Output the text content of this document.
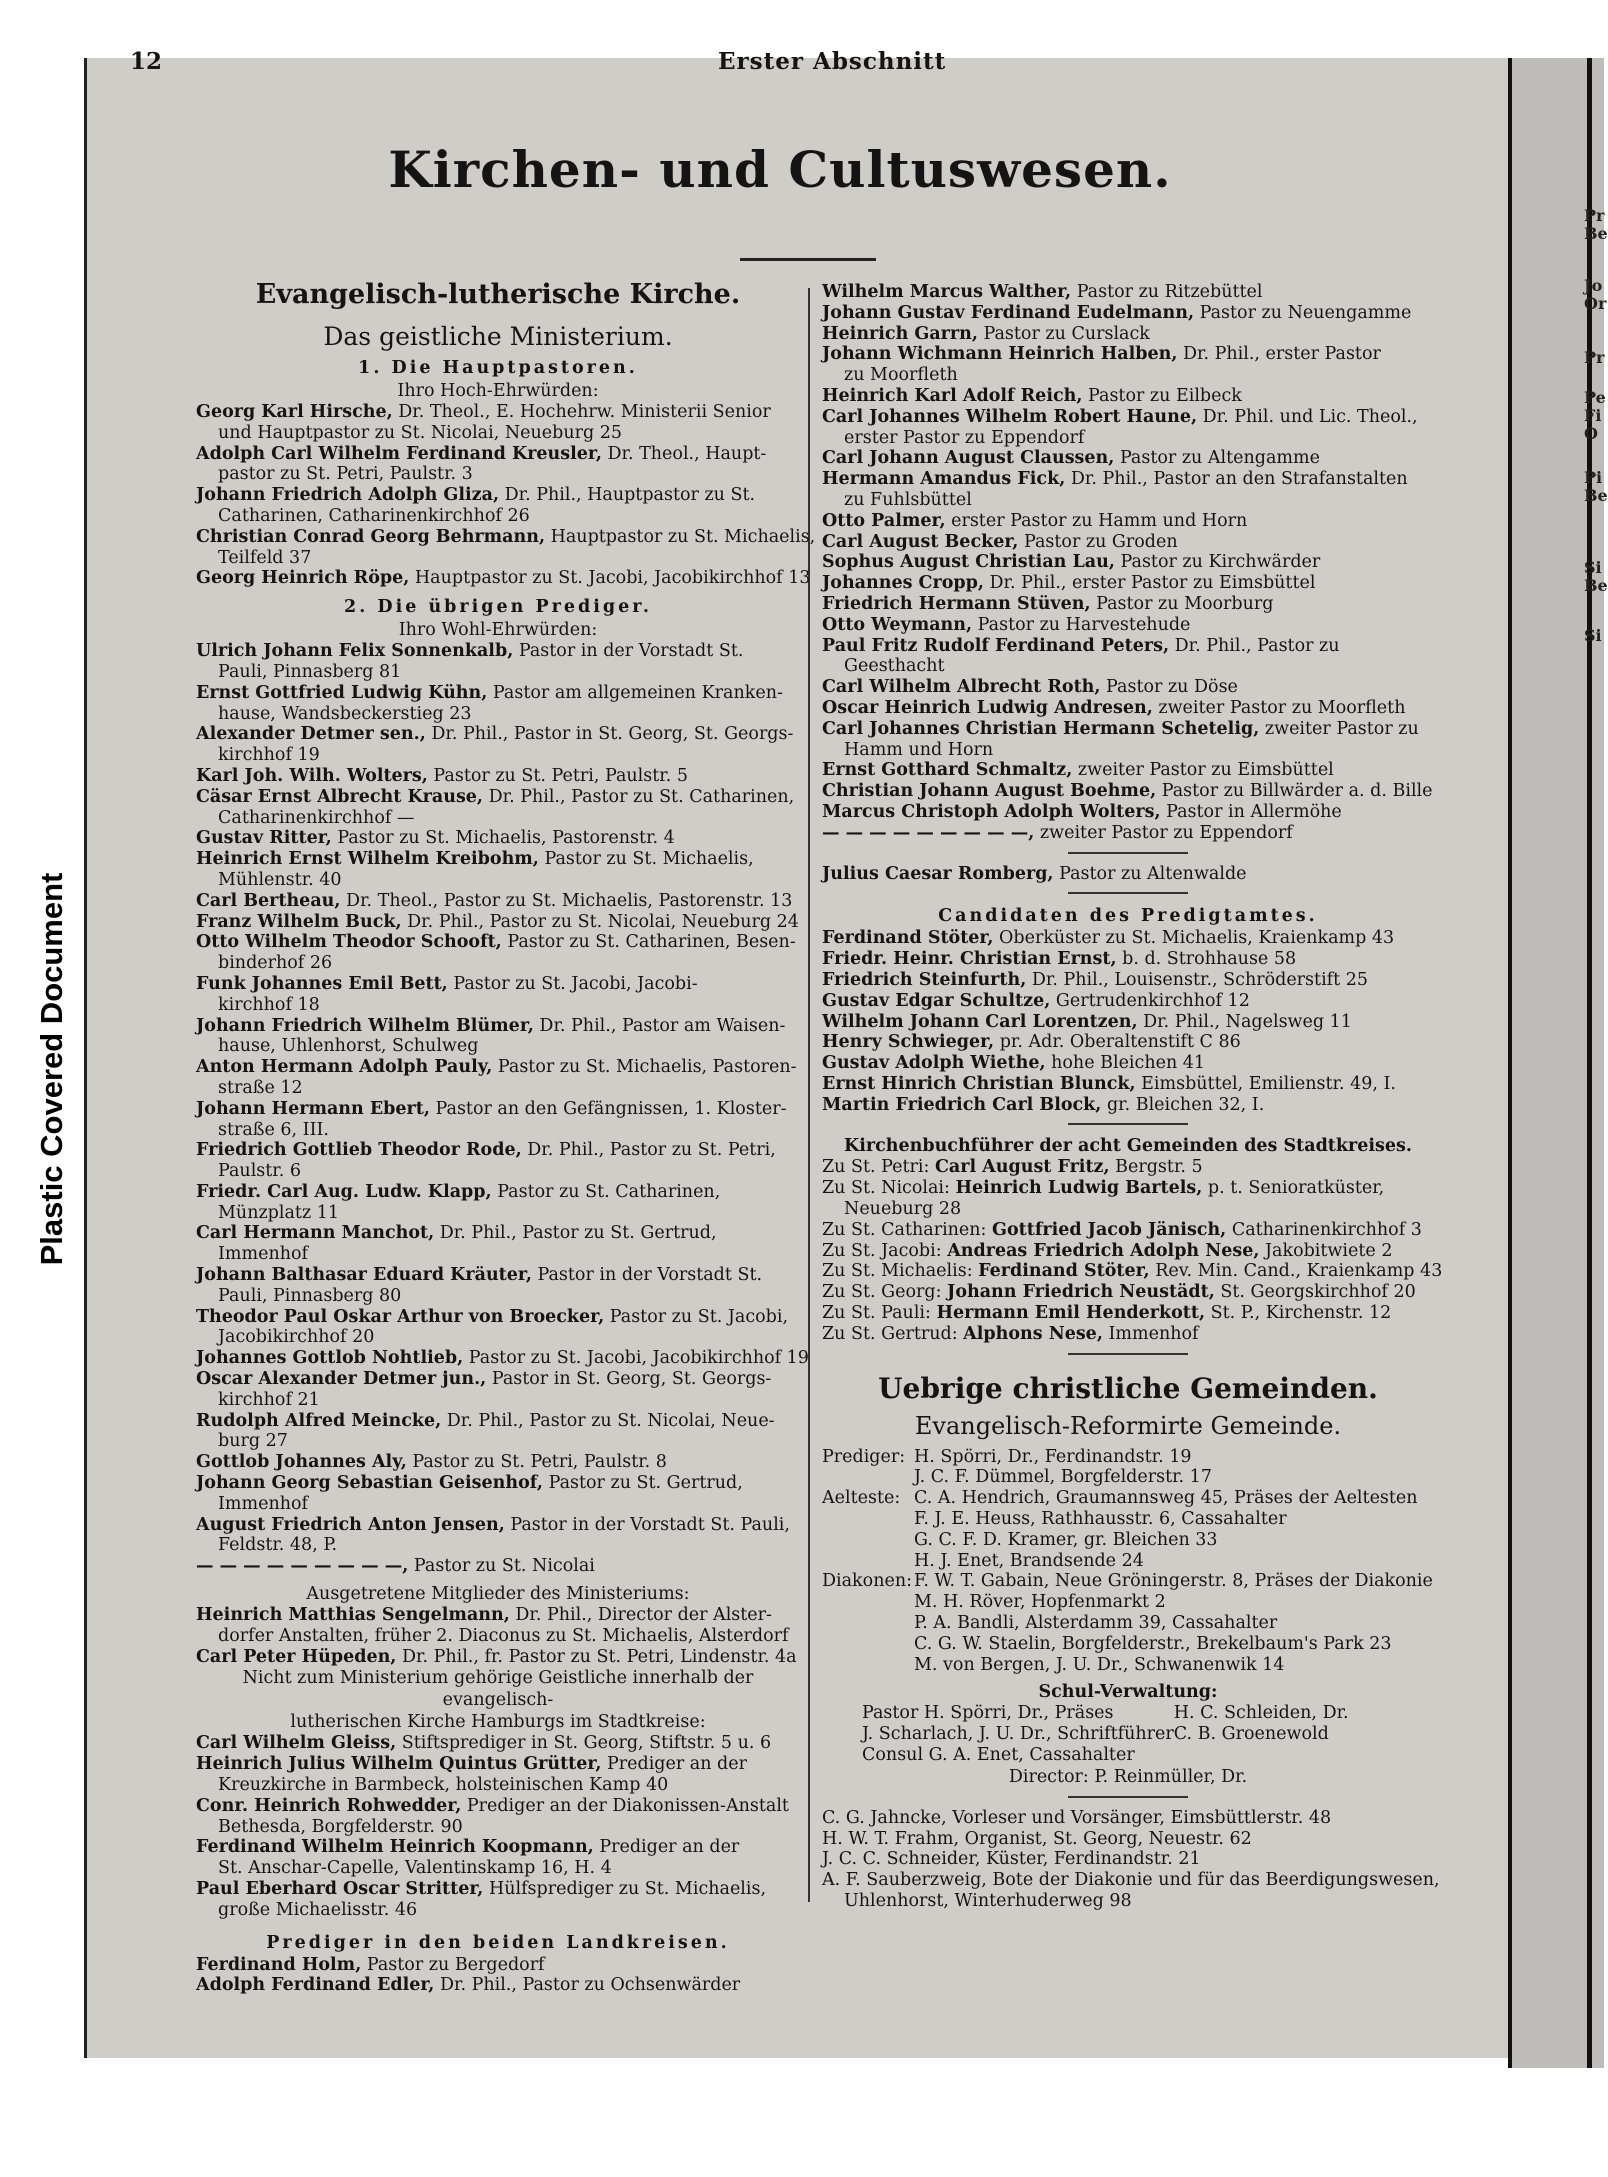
Plastic Covered Document
Pr
Be
Jo
Or
Pr
Pe
Fi
O
Pi
Be
Si
Be
Si
12	Erster Abschnitt
Kirchen- und Cultuswesen.
Evangelisch-lutherische Kirche.
Das geistliche Ministerium.
1. Die Hauptpastoren.
Ihro Hoch-Ehrwürden:
Georg Karl Hirsche, Dr. Theol., E. Hochehrw. Ministerii Senior
und Hauptpastor zu St. Nicolai, Neueburg 25
Adolph Carl Wilhelm Ferdinand Kreusler, Dr. Theol., Haupt-
pastor zu St. Petri, Paulstr. 3
Johann Friedrich Adolph Gliza, Dr. Phil., Hauptpastor zu St.
Catharinen, Catharinenkirchhof 26
Christian Conrad Georg Behrmann, Hauptpastor zu St. Michaelis,
Teilfeld 37
Georg Heinrich Röpe, Hauptpastor zu St. Jacobi, Jacobikirchhof 13
2. Die übrigen Prediger.
Ihro Wohl-Ehrwürden:
Ulrich Johann Felix Sonnenkalb, Pastor in der Vorstadt St.
Pauli, Pinnasberg 81
Ernst Gottfried Ludwig Kühn, Pastor am allgemeinen Kranken-
hause, Wandsbeckerstieg 23
Alexander Detmer sen., Dr. Phil., Pastor in St. Georg, St. Georgs-
kirchhof 19
Karl Joh. Wilh. Wolters, Pastor zu St. Petri, Paulstr. 5
Cäsar Ernst Albrecht Krause, Dr. Phil., Pastor zu St. Catharinen,
Catharinenkirchhof —
Gustav Ritter, Pastor zu St. Michaelis, Pastorenstr. 4
Heinrich Ernst Wilhelm Kreibohm, Pastor zu St. Michaelis,
Mühlenstr. 40
Carl Bertheau, Dr. Theol., Pastor zu St. Michaelis, Pastorenstr. 13
Franz Wilhelm Buck, Dr. Phil., Pastor zu St. Nicolai, Neueburg 24
Otto Wilhelm Theodor Schooft, Pastor zu St. Catharinen, Besen-
binderhof 26
Funk Johannes Emil Bett, Pastor zu St. Jacobi, Jacobi-
kirchhof 18
Johann Friedrich Wilhelm Blümer, Dr. Phil., Pastor am Waisen-
hause, Uhlenhorst, Schulweg
Anton Hermann Adolph Pauly, Pastor zu St. Michaelis, Pastoren-
straße 12
Johann Hermann Ebert, Pastor an den Gefängnissen, 1. Kloster-
straße 6, III.
Friedrich Gottlieb Theodor Rode, Dr. Phil., Pastor zu St. Petri,
Paulstr. 6
Friedr. Carl Aug. Ludw. Klapp, Pastor zu St. Catharinen,
Münzplatz 11
Carl Hermann Manchot, Dr. Phil., Pastor zu St. Gertrud,
Immenhof
Johann Balthasar Eduard Kräuter, Pastor in der Vorstadt St.
Pauli, Pinnasberg 80
Theodor Paul Oskar Arthur von Broecker, Pastor zu St. Jacobi,
Jacobikirchhof 20
Johannes Gottlob Nohtlieb, Pastor zu St. Jacobi, Jacobikirchhof 19
Oscar Alexander Detmer jun., Pastor in St. Georg, St. Georgs-
kirchhof 21
Rudolph Alfred Meincke, Dr. Phil., Pastor zu St. Nicolai, Neue-
burg 27
Gottlob Johannes Aly, Pastor zu St. Petri, Paulstr. 8
Johann Georg Sebastian Geisenhof, Pastor zu St. Gertrud,
Immenhof
August Friedrich Anton Jensen, Pastor in der Vorstadt St. Pauli,
Feldstr. 48, P.
— — — — — — — — —, Pastor zu St. Nicolai
Ausgetretene Mitglieder des Ministeriums:
Heinrich Matthias Sengelmann, Dr. Phil., Director der Alster-
dorfer Anstalten, früher 2. Diaconus zu St. Michaelis, Alsterdorf
Carl Peter Hüpeden, Dr. Phil., fr. Pastor zu St. Petri, Lindenstr. 4a
Nicht zum Ministerium gehörige Geistliche innerhalb der evangelisch-
lutherischen Kirche Hamburgs im Stadtkreise:
Carl Wilhelm Gleiss, Stiftsprediger in St. Georg, Stiftstr. 5 u. 6
Heinrich Julius Wilhelm Quintus Grütter, Prediger an der
Kreuzkirche in Barmbeck, holsteinischen Kamp 40
Conr. Heinrich Rohwedder, Prediger an der Diakonissen-Anstalt
Bethesda, Borgfelderstr. 90
Ferdinand Wilhelm Heinrich Koopmann, Prediger an der
St. Anschar-Capelle, Valentinskamp 16, H. 4
Paul Eberhard Oscar Stritter, Hülfsprediger zu St. Michaelis,
große Michaelisstr. 46
Prediger in den beiden Landkreisen.
Ferdinand Holm, Pastor zu Bergedorf
Adolph Ferdinand Edler, Dr. Phil., Pastor zu Ochsenwärder
Wilhelm Marcus Walther, Pastor zu Ritzebüttel
Johann Gustav Ferdinand Eudelmann, Pastor zu Neuengamme
Heinrich Garrn, Pastor zu Curslack
Johann Wichmann Heinrich Halben, Dr. Phil., erster Pastor
zu Moorfleth
Heinrich Karl Adolf Reich, Pastor zu Eilbeck
Carl Johannes Wilhelm Robert Haune, Dr. Phil. und Lic. Theol.,
erster Pastor zu Eppendorf
Carl Johann August Claussen, Pastor zu Altengamme
Hermann Amandus Fick, Dr. Phil., Pastor an den Strafanstalten
zu Fuhlsbüttel
Otto Palmer, erster Pastor zu Hamm und Horn
Carl August Becker, Pastor zu Groden
Sophus August Christian Lau, Pastor zu Kirchwärder
Johannes Cropp, Dr. Phil., erster Pastor zu Eimsbüttel
Friedrich Hermann Stüven, Pastor zu Moorburg
Otto Weymann, Pastor zu Harvestehude
Paul Fritz Rudolf Ferdinand Peters, Dr. Phil., Pastor zu
Geesthacht
Carl Wilhelm Albrecht Roth, Pastor zu Döse
Oscar Heinrich Ludwig Andresen, zweiter Pastor zu Moorfleth
Carl Johannes Christian Hermann Schetelig, zweiter Pastor zu
Hamm und Horn
Ernst Gotthard Schmaltz, zweiter Pastor zu Eimsbüttel
Christian Johann August Boehme, Pastor zu Billwärder a. d. Bille
Marcus Christoph Adolph Wolters, Pastor in Allermöhe
— — — — — — — — —, zweiter Pastor zu Eppendorf
Julius Caesar Romberg, Pastor zu Altenwalde
Candidaten des Predigtamtes.
Ferdinand Stöter, Oberküster zu St. Michaelis, Kraienkamp 43
Friedr. Heinr. Christian Ernst, b. d. Strohhause 58
Friedrich Steinfurth, Dr. Phil., Louisenstr., Schröderstift 25
Gustav Edgar Schultze, Gertrudenkirchhof 12
Wilhelm Johann Carl Lorentzen, Dr. Phil., Nagelsweg 11
Henry Schwieger, pr. Adr. Oberaltenstift C 86
Gustav Adolph Wiethe, hohe Bleichen 41
Ernst Hinrich Christian Blunck, Eimsbüttel, Emilienstr. 49, I.
Martin Friedrich Carl Block, gr. Bleichen 32, I.
Kirchenbuchführer der acht Gemeinden des Stadtkreises.
Zu St. Petri: Carl August Fritz, Bergstr. 5
Zu St. Nicolai: Heinrich Ludwig Bartels, p. t. Senioratküster,
Neueburg 28
Zu St. Catharinen: Gottfried Jacob Jänisch, Catharinenkirchhof 3
Zu St. Jacobi: Andreas Friedrich Adolph Nese, Jakobitwiete 2
Zu St. Michaelis: Ferdinand Stöter, Rev. Min. Cand., Kraienkamp 43
Zu St. Georg: Johann Friedrich Neustädt, St. Georgskirchhof 20
Zu St. Pauli: Hermann Emil Henderkott, St. P., Kirchenstr. 12
Zu St. Gertrud: Alphons Nese, Immenhof
Uebrige christliche Gemeinden.
Evangelisch-Reformirte Gemeinde.
Prediger: H. Spörri, Dr., Ferdinandstr. 19
J. C. F. Dümmel, Borgfelderstr. 17
Aelteste: C. A. Hendrich, Graumannsweg 45, Präses der Aeltesten
F. J. E. Heuss, Rathhausstr. 6, Cassahalter
G. C. F. D. Kramer, gr. Bleichen 33
H. J. Enet, Brandsende 24
Diakonen: F. W. T. Gabain, Neue Gröningerstr. 8, Präses der Diakonie
M. H. Röver, Hopfenmarkt 2
P. A. Bandli, Alsterdamm 39, Cassahalter
C. G. W. Staelin, Borgfelderstr., Brekelbaum's Park 23
M. von Bergen, J. U. Dr., Schwanenwik 14
Schul-Verwaltung:
Pastor H. Spörri, Dr., Präses
J. Scharlach, J. U. Dr., Schriftführer
Consul G. A. Enet, Cassahalter
H. C. Schleiden, Dr.
C. B. Groenewold
Director: P. Reinmüller, Dr.
C. G. Jahncke, Vorleser und Vorsänger, Eimsbüttlerstr. 48
H. W. T. Frahm, Organist, St. Georg, Neuestr. 62
J. C. C. Schneider, Küster, Ferdinandstr. 21
A. F. Sauberzweig, Bote der Diakonie und für das Beerdigungswesen,
Uhlenhorst, Winterhuderweg 98
